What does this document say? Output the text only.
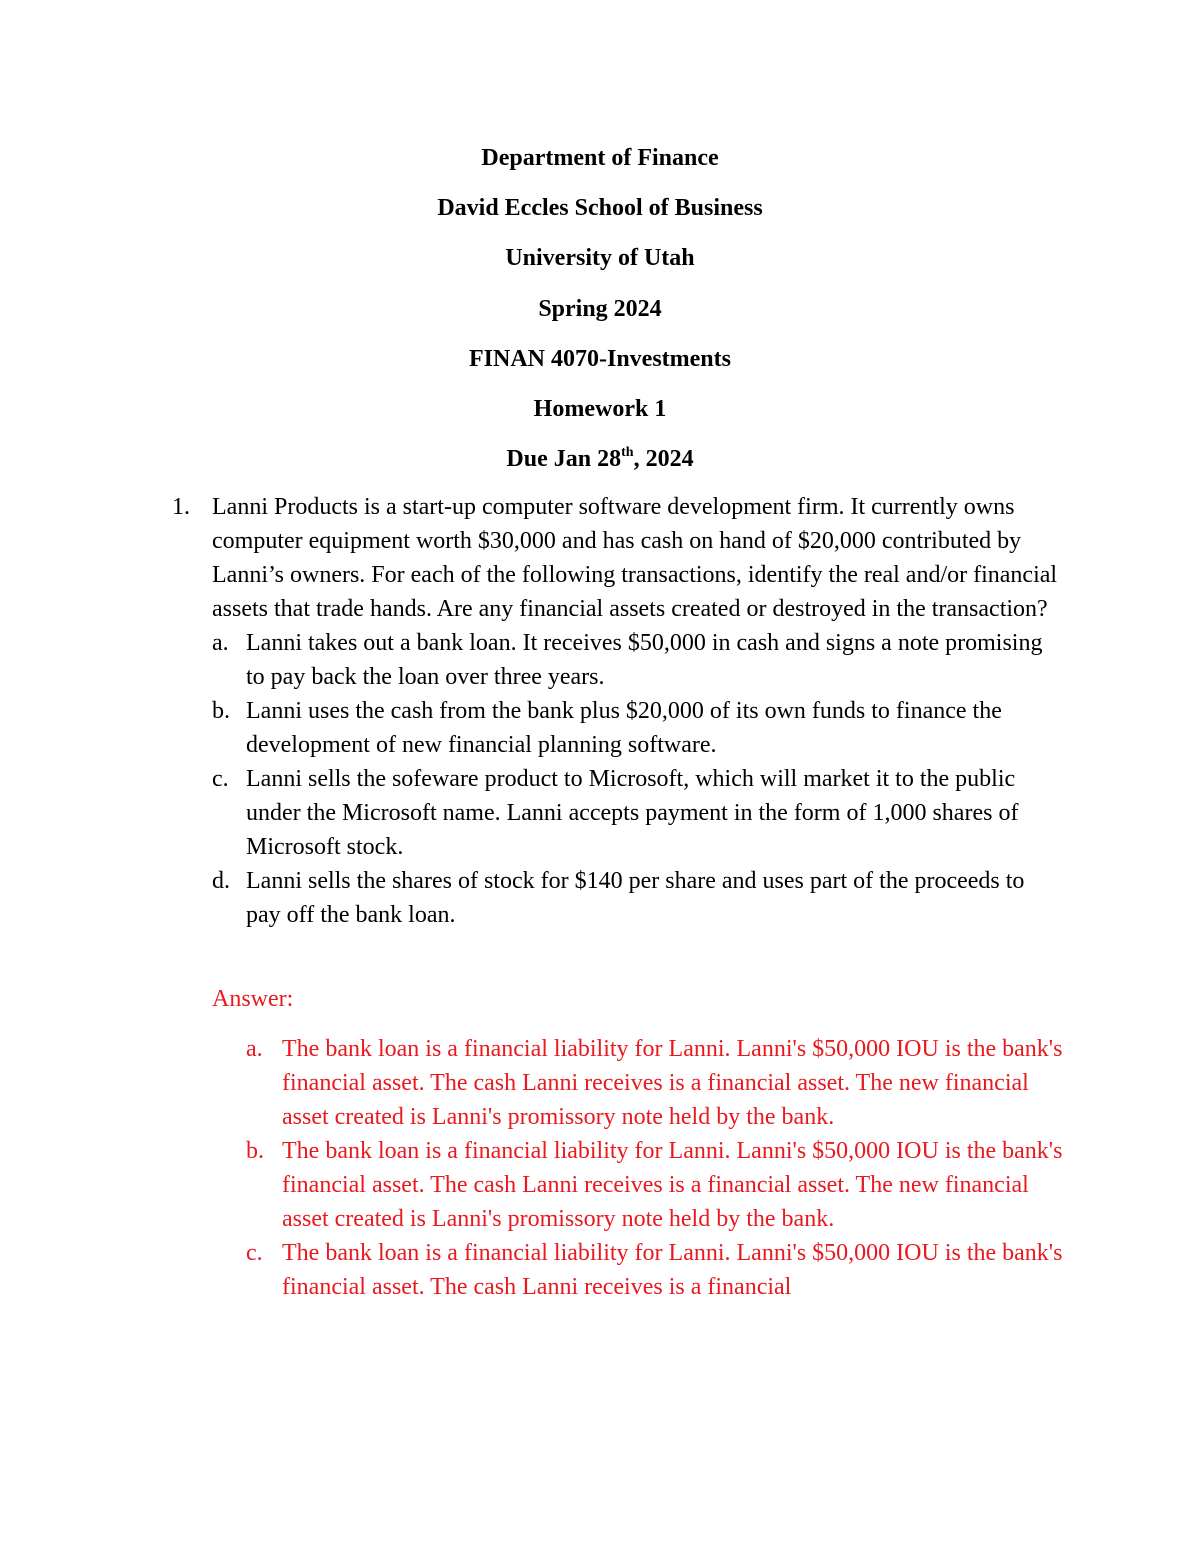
Department of Finance

David Eccles School of Business

University of Utah

Spring 2024

FINAN 4070-Investments

Homework 1

Due Jan 28th, 2024

1. Lanni Products is a start-up computer software development firm. It currently owns computer equipment worth $30,000 and has cash on hand of $20,000 contributed by Lanni’s owners. For each of the following transactions, identify the real and/or financial assets that trade hands. Are any financial assets created or destroyed in the transaction?
a. Lanni takes out a bank loan. It receives $50,000 in cash and signs a note promising to pay back the loan over three years.
b. Lanni uses the cash from the bank plus $20,000 of its own funds to finance the development of new financial planning software.
c. Lanni sells the sofeware product to Microsoft, which will market it to the public under the Microsoft name. Lanni accepts payment in the form of 1,000 shares of Microsoft stock.
d. Lanni sells the shares of stock for $140 per share and uses part of the proceeds to pay off the bank loan.
Answer:
a. The bank loan is a financial liability for Lanni. Lanni's $50,000 IOU is the bank's financial asset. The cash Lanni receives is a financial asset. The new financial asset created is Lanni's promissory note held by the bank.
b. The bank loan is a financial liability for Lanni. Lanni's $50,000 IOU is the bank's financial asset. The cash Lanni receives is a financial asset. The new financial asset created is Lanni's promissory note held by the bank.
c. The bank loan is a financial liability for Lanni. Lanni's $50,000 IOU is the bank's financial asset. The cash Lanni receives is a financial
